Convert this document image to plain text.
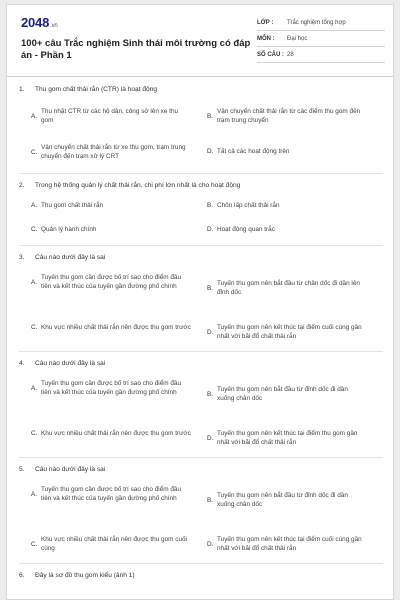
2048.vn
100+ câu Trắc nghiệm Sinh thái môi trường có đáp án - Phần 1
LỚP :	Trắc nghiệm tổng hợp
MÔN :	Đại học
SỐ CÂU : 28
1. Thu gom chất thải rắn (CTR) là hoạt động
A.
Thu nhặt CTR từ các hộ dân, công sở lên xe thu gom
B.
Vận chuyển chất thải rắn từ các điểm thu gom đến trạm trung chuyển
C.
Vận chuyển chất thải rắn từ xe thu gom, trạm trung chuyển đến trạm xử lý CRT
D. Tất cả các hoạt động trên
2. Trong hệ thống quản lý chất thải rắn, chi phí lớn nhất là cho hoạt động
A. Thu gom chất thải rắn	B. Chôn lấp chất thải rắn
C. Quản lý hành chính	D. Hoạt động quan trắc
3. Câu nào dưới đây là sai
A.
Tuyến thu gom cần được bố trí sao cho điểm đầu tiên và kết thúc của tuyến gần đường phố chính	B.
Tuyến thu gom nên bắt đầu từ chân dốc đi dần lên đỉnh dốc
C. Khu vực nhiều chất thải rắn nên được thu gom trước
D.
Tuyến thu gom nên kết thúc tại điểm cuối cùng gần nhất với bãi đổ chất thải rắn
4. Câu nào dưới đây là sai
A.
Tuyến thu gom cần được bố trí sao cho điểm đầu tiên và kết thúc của tuyến gần đường phố chính	B.
Tuyến thu gom nên bắt đầu từ đỉnh dốc đi dần xuống chân dốc
C. Khu vực nhiều chất thải rắn nên được thu gom trước
D.
Tuyến thu gom nên kết thúc tại điểm thu gom gần nhất với bãi đổ chất thải rắn
5. Câu nào dưới đây là sai
A.
Tuyến thu gom cần được bố trí sao cho điểm đầu tiên và kết thúc của tuyến gần đường phố chính	B.
Tuyến thu gom nên bắt đầu từ đỉnh dốc đi dần xuống chân dốc
C.
Khu vực nhiều chất thải rắn nên được thu gom cuối cùng
D.
Tuyến thu gom nên kết thúc tại điểm cuối cùng gần nhất với bãi đổ chất thải rắn
6. Đây là sơ đồ thu gom kiểu (ảnh 1)
